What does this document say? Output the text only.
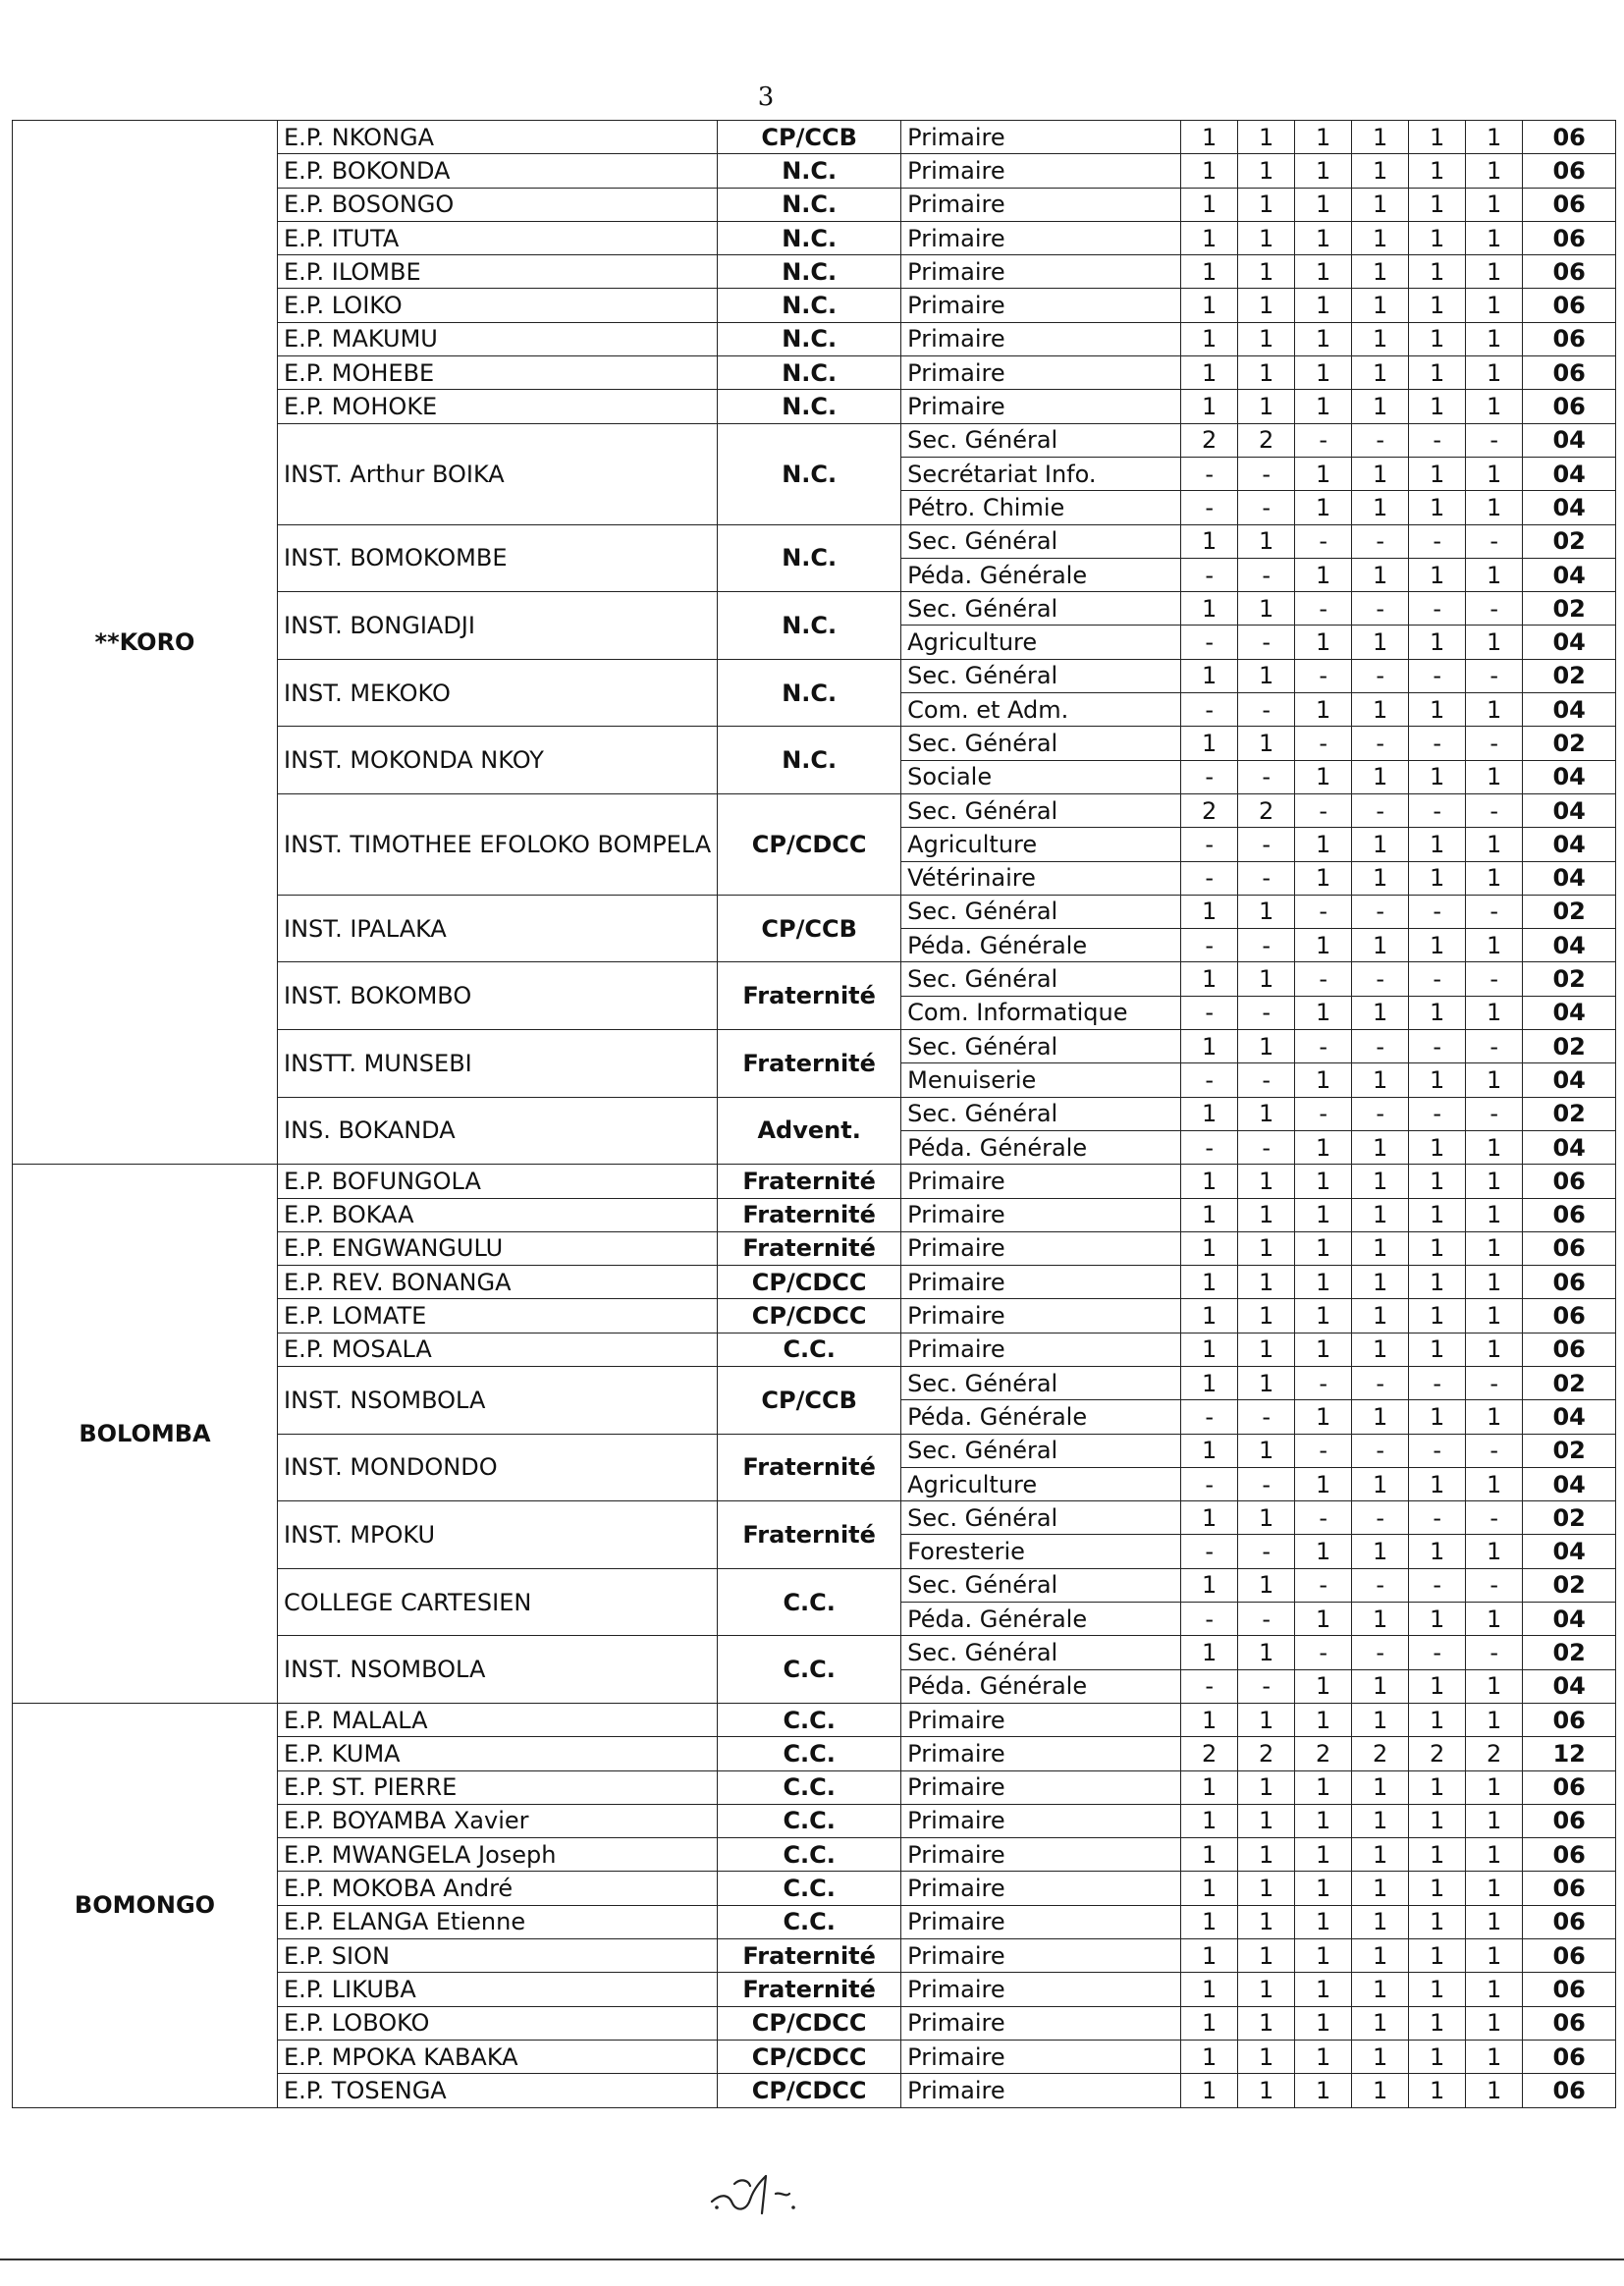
3
**KORO	E.P. NKONGA	CP/CCB	Primaire	1	1	1	1	1	1	06
	E.P. BOKONDA	N.C.	Primaire	1	1	1	1	1	1	06
	E.P. BOSONGO	N.C.	Primaire	1	1	1	1	1	1	06
	E.P. ITUTA	N.C.	Primaire	1	1	1	1	1	1	06
	E.P. ILOMBE	N.C.	Primaire	1	1	1	1	1	1	06
	E.P. LOIKO	N.C.	Primaire	1	1	1	1	1	1	06
	E.P. MAKUMU	N.C.	Primaire	1	1	1	1	1	1	06
	E.P. MOHEBE	N.C.	Primaire	1	1	1	1	1	1	06
	E.P. MOHOKE	N.C.	Primaire	1	1	1	1	1	1	06
	INST. Arthur BOIKA	N.C.	Sec. Général	2	2	-	-	-	-	04
			Secrétariat Info.	-	-	1	1	1	1	04
			Pétro. Chimie	-	-	1	1	1	1	04
	INST. BOMOKOMBE	N.C.	Sec. Général	1	1	-	-	-	-	02
			Péda. Générale	-	-	1	1	1	1	04
	INST. BONGIADJI	N.C.	Sec. Général	1	1	-	-	-	-	02
			Agriculture	-	-	1	1	1	1	04
	INST. MEKOKO	N.C.	Sec. Général	1	1	-	-	-	-	02
			Com. et Adm.	-	-	1	1	1	1	04
	INST. MOKONDA NKOY	N.C.	Sec. Général	1	1	-	-	-	-	02
			Sociale	-	-	1	1	1	1	04
	INST. TIMOTHEE EFOLOKO BOMPELA	CP/CDCC	Sec. Général	2	2	-	-	-	-	04
			Agriculture	-	-	1	1	1	1	04
			Vétérinaire	-	-	1	1	1	1	04
	INST. IPALAKA	CP/CCB	Sec. Général	1	1	-	-	-	-	02
			Péda. Générale	-	-	1	1	1	1	04
	INST. BOKOMBO	Fraternité	Sec. Général	1	1	-	-	-	-	02
			Com. Informatique	-	-	1	1	1	1	04
	INSTT. MUNSEBI	Fraternité	Sec. Général	1	1	-	-	-	-	02
			Menuiserie	-	-	1	1	1	1	04
	INS. BOKANDA	Advent.	Sec. Général	1	1	-	-	-	-	02
			Péda. Générale	-	-	1	1	1	1	04

BOLOMBA	E.P. BOFUNGOLA	Fraternité	Primaire	1	1	1	1	1	1	06
	E.P. BOKAA	Fraternité	Primaire	1	1	1	1	1	1	06
	E.P. ENGWANGULU	Fraternité	Primaire	1	1	1	1	1	1	06
	E.P. REV. BONANGA	CP/CDCC	Primaire	1	1	1	1	1	1	06
	E.P. LOMATE	CP/CDCC	Primaire	1	1	1	1	1	1	06
	E.P. MOSALA	C.C.	Primaire	1	1	1	1	1	1	06
	INST. NSOMBOLA	CP/CCB	Sec. Général	1	1	-	-	-	-	02
			Péda. Générale	-	-	1	1	1	1	04
	INST. MONDONDO	Fraternité	Sec. Général	1	1	-	-	-	-	02
			Agriculture	-	-	1	1	1	1	04
	INST. MPOKU	Fraternité	Sec. Général	1	1	-	-	-	-	02
			Foresterie	-	-	1	1	1	1	04
	COLLEGE CARTESIEN	C.C.	Sec. Général	1	1	-	-	-	-	02
			Péda. Générale	-	-	1	1	1	1	04
	INST. NSOMBOLA	C.C.	Sec. Général	1	1	-	-	-	-	02
			Péda. Générale	-	-	1	1	1	1	04

BOMONGO	E.P. MALALA	C.C.	Primaire	1	1	1	1	1	1	06
	E.P. KUMA	C.C.	Primaire	2	2	2	2	2	2	12
	E.P. ST. PIERRE	C.C.	Primaire	1	1	1	1	1	1	06
	E.P. BOYAMBA Xavier	C.C.	Primaire	1	1	1	1	1	1	06
	E.P. MWANGELA Joseph	C.C.	Primaire	1	1	1	1	1	1	06
	E.P. MOKOBA André	C.C.	Primaire	1	1	1	1	1	1	06
	E.P. ELANGA Etienne	C.C.	Primaire	1	1	1	1	1	1	06
	E.P. SION	Fraternité	Primaire	1	1	1	1	1	1	06
	E.P. LIKUBA	Fraternité	Primaire	1	1	1	1	1	1	06
	E.P. LOBOKO	CP/CDCC	Primaire	1	1	1	1	1	1	06
	E.P. MPOKA KABAKA	CP/CDCC	Primaire	1	1	1	1	1	1	06
	E.P. TOSENGA	CP/CDCC	Primaire	1	1	1	1	1	1	06
